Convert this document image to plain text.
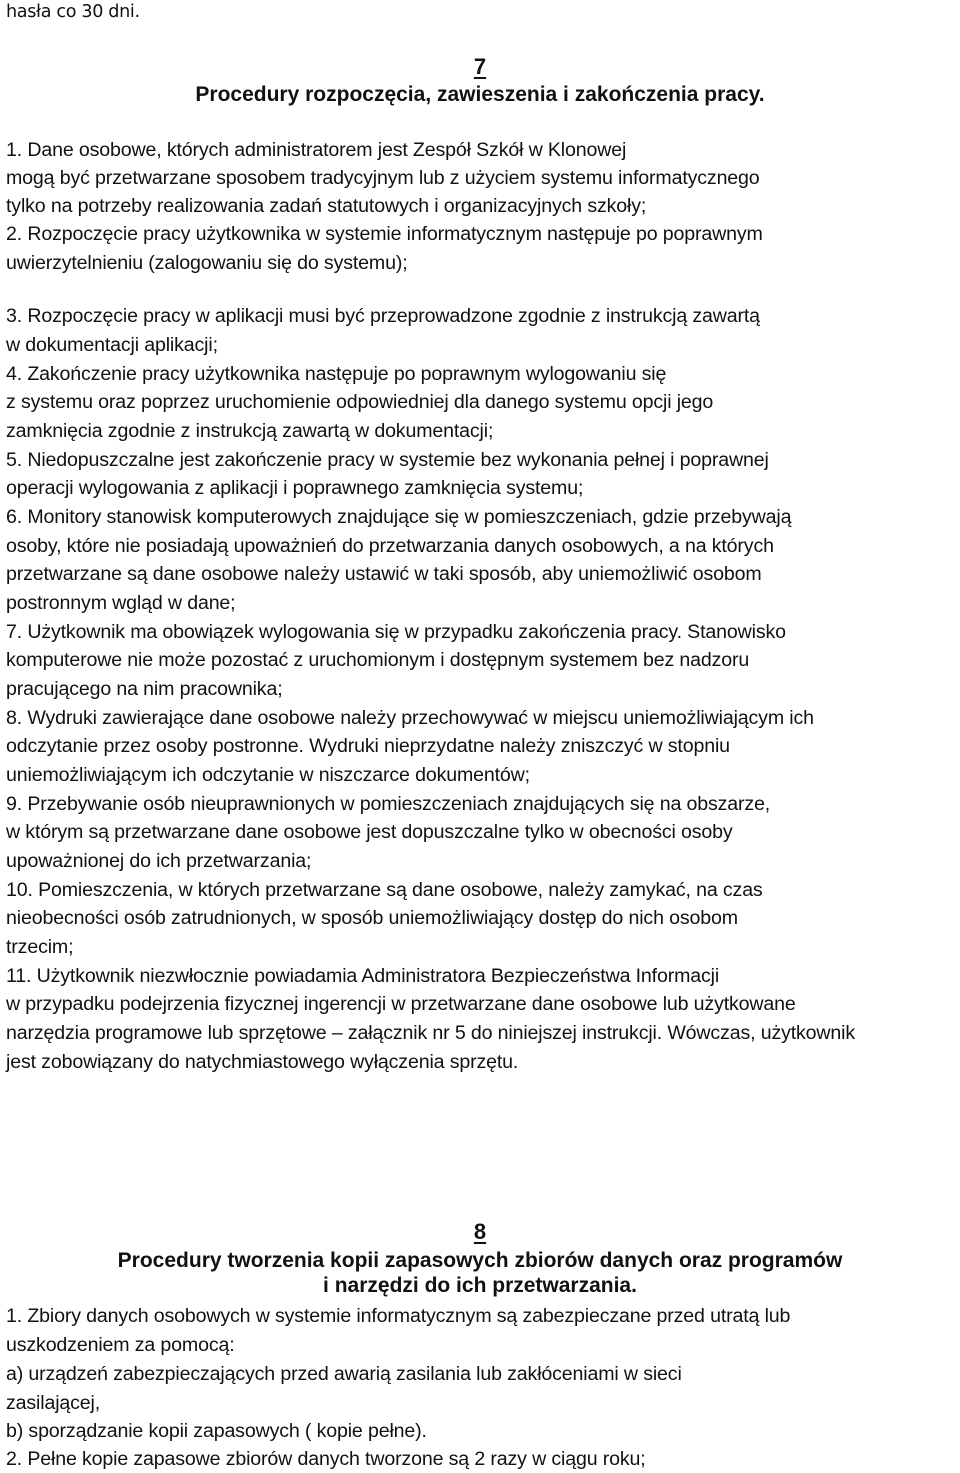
hasła co 30 dni.
7
Procedury rozpoczęcia, zawieszenia i zakończenia pracy.
1. Dane osobowe, których administratorem jest Zespół Szkół w Klonowej
mogą być przetwarzane sposobem tradycyjnym lub z użyciem systemu informatycznego
tylko na potrzeby realizowania zadań statutowych i organizacyjnych szkoły;
2. Rozpoczęcie pracy użytkownika w systemie informatycznym następuje po poprawnym
uwierzytelnieniu (zalogowaniu się do systemu);
3. Rozpoczęcie pracy w aplikacji musi być przeprowadzone zgodnie z instrukcją zawartą
w dokumentacji aplikacji;
4. Zakończenie pracy użytkownika następuje po poprawnym wylogowaniu się
z systemu oraz poprzez uruchomienie odpowiedniej dla danego systemu opcji jego
zamknięcia zgodnie z instrukcją zawartą w dokumentacji;
5. Niedopuszczalne jest zakończenie pracy w systemie bez wykonania pełnej i poprawnej
operacji wylogowania z aplikacji i poprawnego zamknięcia systemu;
6. Monitory stanowisk komputerowych znajdujące się w pomieszczeniach, gdzie przebywają
osoby, które nie posiadają upoważnień do przetwarzania danych osobowych, a na których
przetwarzane są dane osobowe należy ustawić w taki sposób, aby uniemożliwić osobom
postronnym wgląd w dane;
7. Użytkownik ma obowiązek wylogowania się w przypadku zakończenia pracy. Stanowisko
komputerowe nie może pozostać z uruchomionym i dostępnym systemem bez nadzoru
pracującego na nim pracownika;
8. Wydruki zawierające dane osobowe należy przechowywać w miejscu uniemożliwiającym ich
odczytanie przez osoby postronne. Wydruki nieprzydatne należy zniszczyć w stopniu
uniemożliwiającym ich odczytanie w niszczarce dokumentów;
9. Przebywanie osób nieuprawnionych w pomieszczeniach znajdujących się na obszarze,
w którym są przetwarzane dane osobowe jest dopuszczalne tylko w obecności osoby
upoważnionej do ich przetwarzania;
10. Pomieszczenia, w których przetwarzane są dane osobowe, należy zamykać, na czas
nieobecności osób zatrudnionych, w sposób uniemożliwiający dostęp do nich osobom
trzecim;
11. Użytkownik niezwłocznie powiadamia Administratora Bezpieczeństwa Informacji
w przypadku podejrzenia fizycznej ingerencji w przetwarzane dane osobowe lub użytkowane
narzędzia programowe lub sprzętowe – załącznik nr 5 do niniejszej instrukcji. Wówczas, użytkownik
jest zobowiązany do natychmiastowego wyłączenia sprzętu.
8
Procedury tworzenia kopii zapasowych zbiorów danych oraz programów
i narzędzi do ich przetwarzania.
1. Zbiory danych osobowych w systemie informatycznym są zabezpieczane przed utratą lub
uszkodzeniem za pomocą:
a) urządzeń zabezpieczających przed awarią zasilania lub zakłóceniami w sieci
zasilającej,
b) sporządzanie kopii zapasowych ( kopie pełne).
2. Pełne kopie zapasowe zbiorów danych tworzone są 2 razy w ciągu roku;
